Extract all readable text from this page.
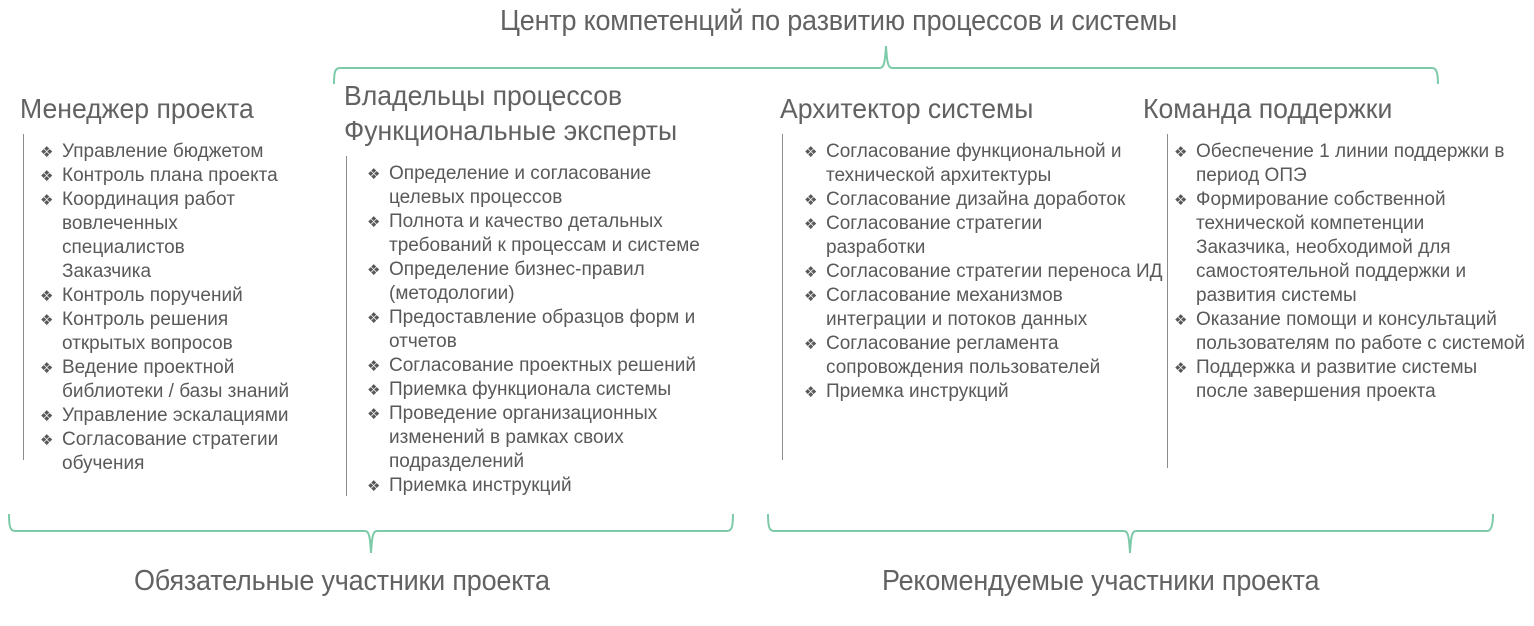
Центр компетенций по развитию процессов и системы
Менеджер проекта
❖ Управление бюджетом
❖ Контроль плана проекта
❖ Координация работ вовлеченных специалистов Заказчика
❖ Контроль поручений
❖ Контроль решения открытых вопросов
❖ Ведение проектной библиотеки / базы знаний
❖ Управление эскалациями
❖ Согласование стратегии обучения
Владельцы процессов
Функциональные эксперты
❖ Определение и согласование целевых процессов
❖ Полнота и качество детальных требований к процессам и системе
❖ Определение бизнес-правил (методологии)
❖ Предоставление образцов форм и отчетов
❖ Согласование проектных решений
❖ Приемка функционала системы
❖ Проведение организационных изменений в рамках своих подразделений
❖ Приемка инструкций
Архитектор системы
❖ Согласование функциональной и технической архитектуры
❖ Согласование дизайна доработок
❖ Согласование стратегии разработки
❖ Согласование стратегии переноса ИД
❖ Согласование механизмов интеграции и потоков данных
❖ Согласование регламента сопровождения пользователей
❖ Приемка инструкций
Команда поддержки
❖ Обеспечение 1 линии поддержки в период ОПЭ
❖ Формирование собственной технической компетенции Заказчика, необходимой для самостоятельной поддержки и развития системы
❖ Оказание помощи и консультаций пользователям по работе с системой
❖ Поддержка и развитие системы после завершения проекта
Обязательные участники проекта	Рекомендуемые участники проекта
